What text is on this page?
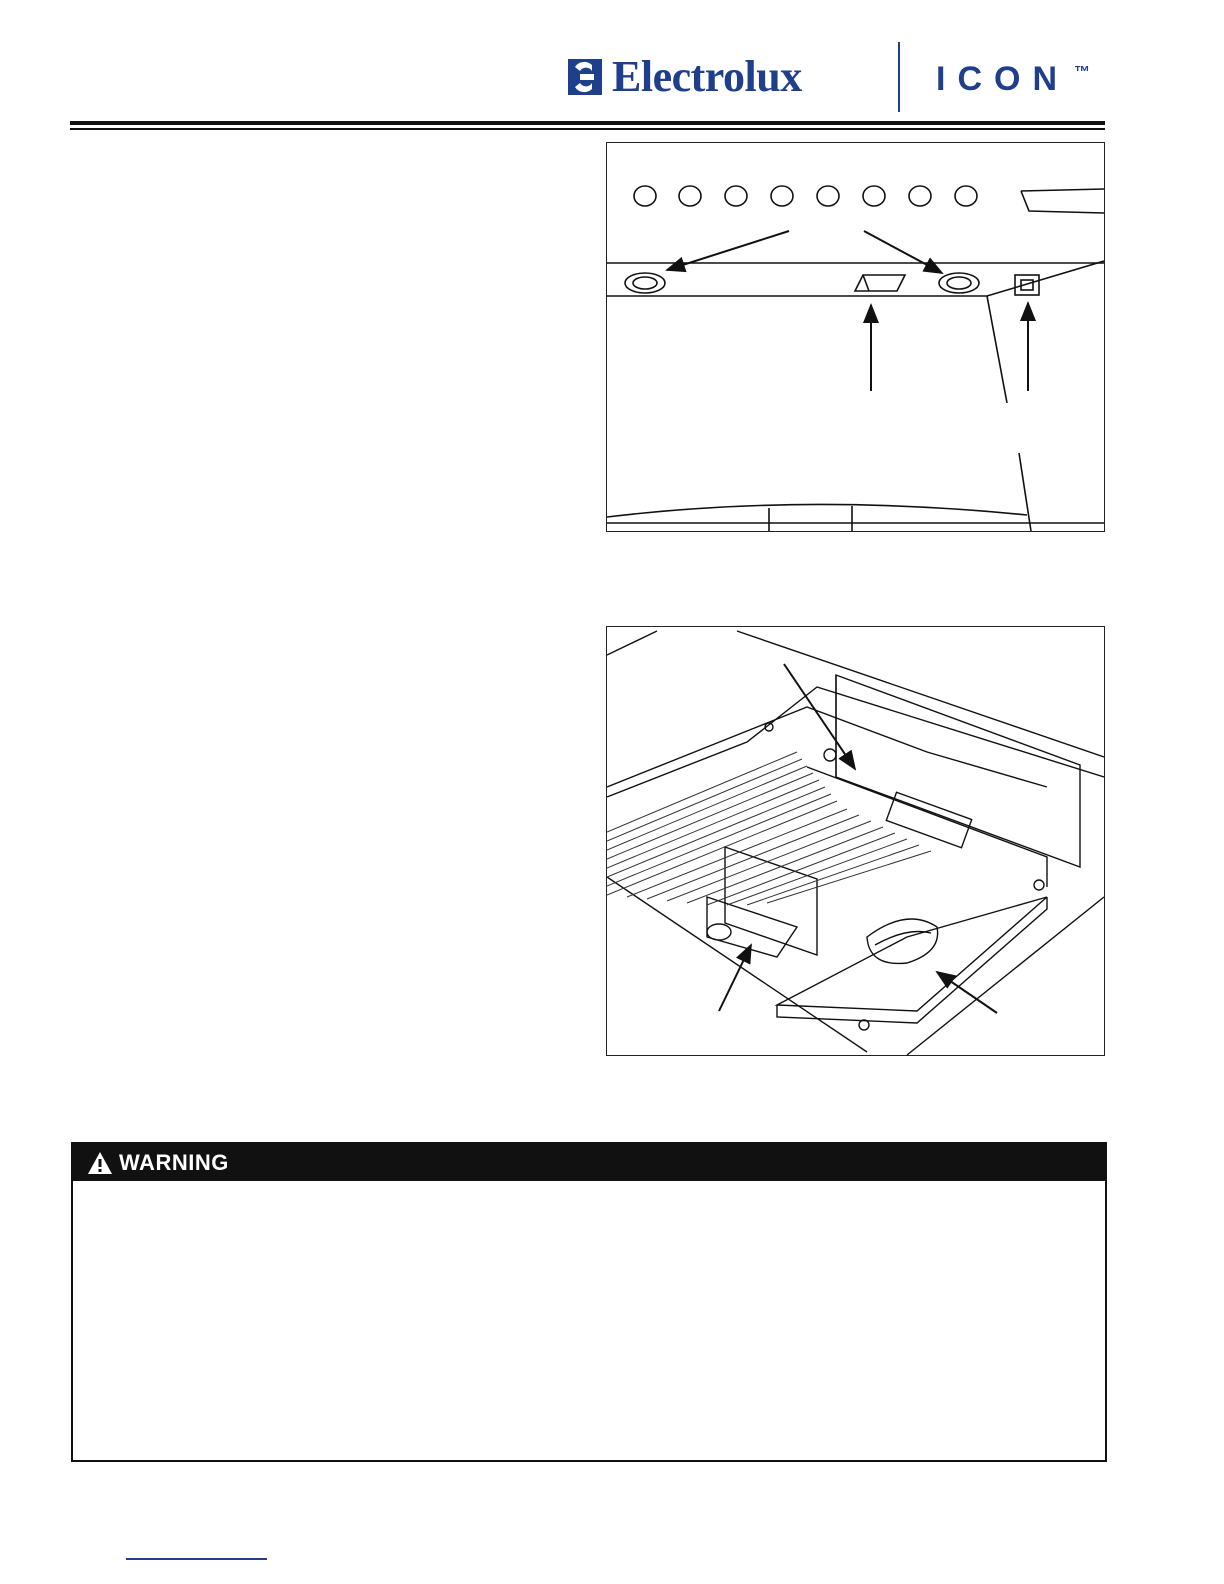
Electrolux	ICON ™
WARNING
